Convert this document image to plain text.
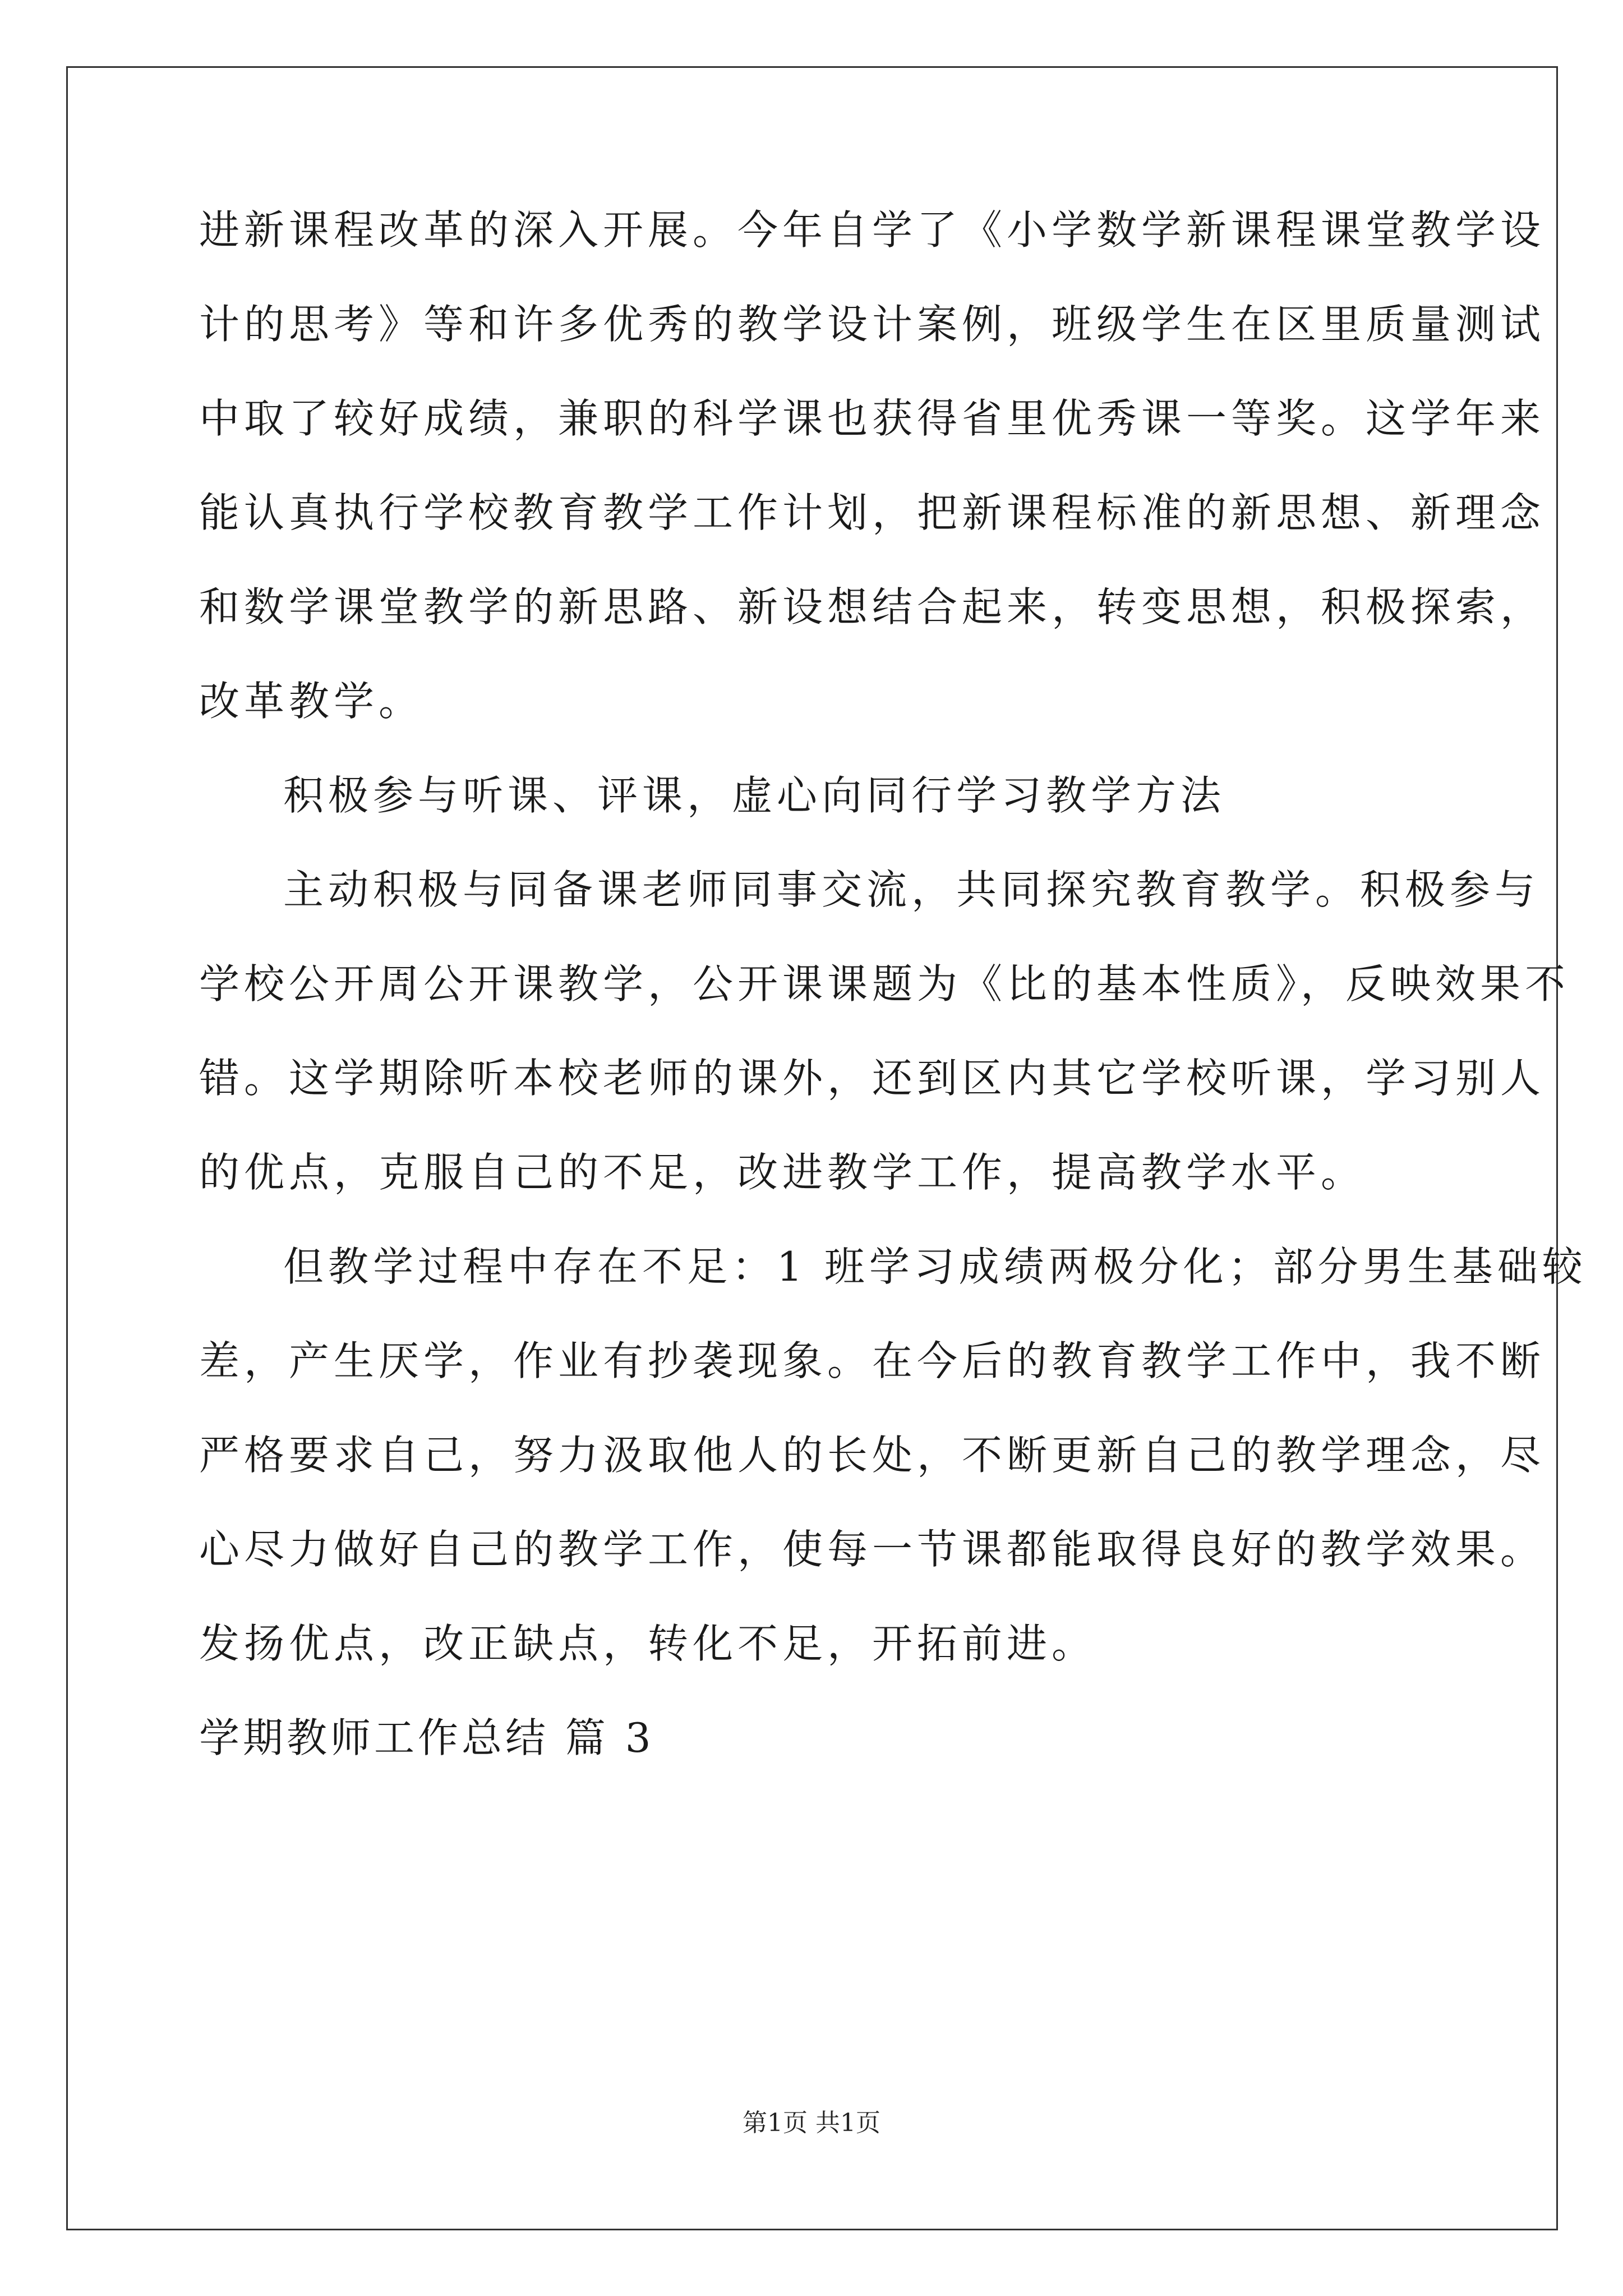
进新课程改革的深入开展。今年自学了《小学数学新课程课堂教学设
计的思考》等和许多优秀的教学设计案例，班级学生在区里质量测试
中取了较好成绩，兼职的科学课也获得省里优秀课一等奖。这学年来
能认真执行学校教育教学工作计划，把新课程标准的新思想、新理念
和数学课堂教学的新思路、新设想结合起来，转变思想，积极探索，
改革教学。
积极参与听课、评课，虚心向同行学习教学方法
主动积极与同备课老师同事交流，共同探究教育教学。积极参与
学校公开周公开课教学，公开课课题为《比的基本性质》，反映效果不
错。这学期除听本校老师的课外，还到区内其它学校听课，学习别人
的优点，克服自己的不足，改进教学工作，提高教学水平。
但教学过程中存在不足：1 班学习成绩两极分化；部分男生基础较
差，产生厌学，作业有抄袭现象。在今后的教育教学工作中，我不断
严格要求自己，努力汲取他人的长处，不断更新自己的教学理念，尽
心尽力做好自己的教学工作，使每一节课都能取得良好的教学效果。
发扬优点，改正缺点，转化不足，开拓前进。
学期教师工作总结 篇 3
第1页 共1页
